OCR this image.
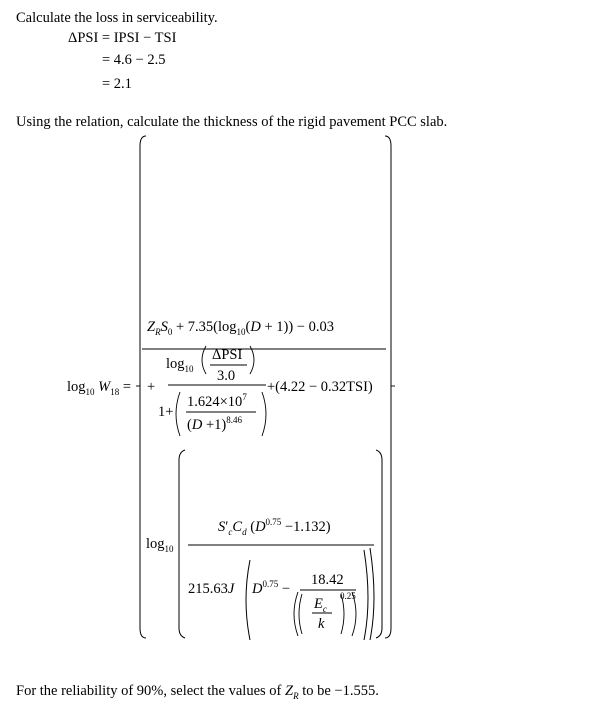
Calculate the loss in serviceability.
ΔPSI = IPSI − TSI
= 4.6 − 2.5
= 2.1
Using the relation, calculate the thickness of the rigid pavement PCC slab.
$\log_{10} W_{18}$ =
$Z_RS_0 + 7.35(\log_{10}(D + 1)) - 0.03$
+
$\log_{10}$
ΔPSI
3.0
1+
$1.624\times 10^7$
$(D +1)^{8.46}$
+(4.22 − 0.32TSI)
$\log_{10}$
$S'_cC_d$ $(D^{0.75} -1.132)$
215.63J $D^{0.75}$ −
18.42
$E_c$
k
0.25
For the reliability of 90%, select the values of $Z_R$ to be −1.555.
